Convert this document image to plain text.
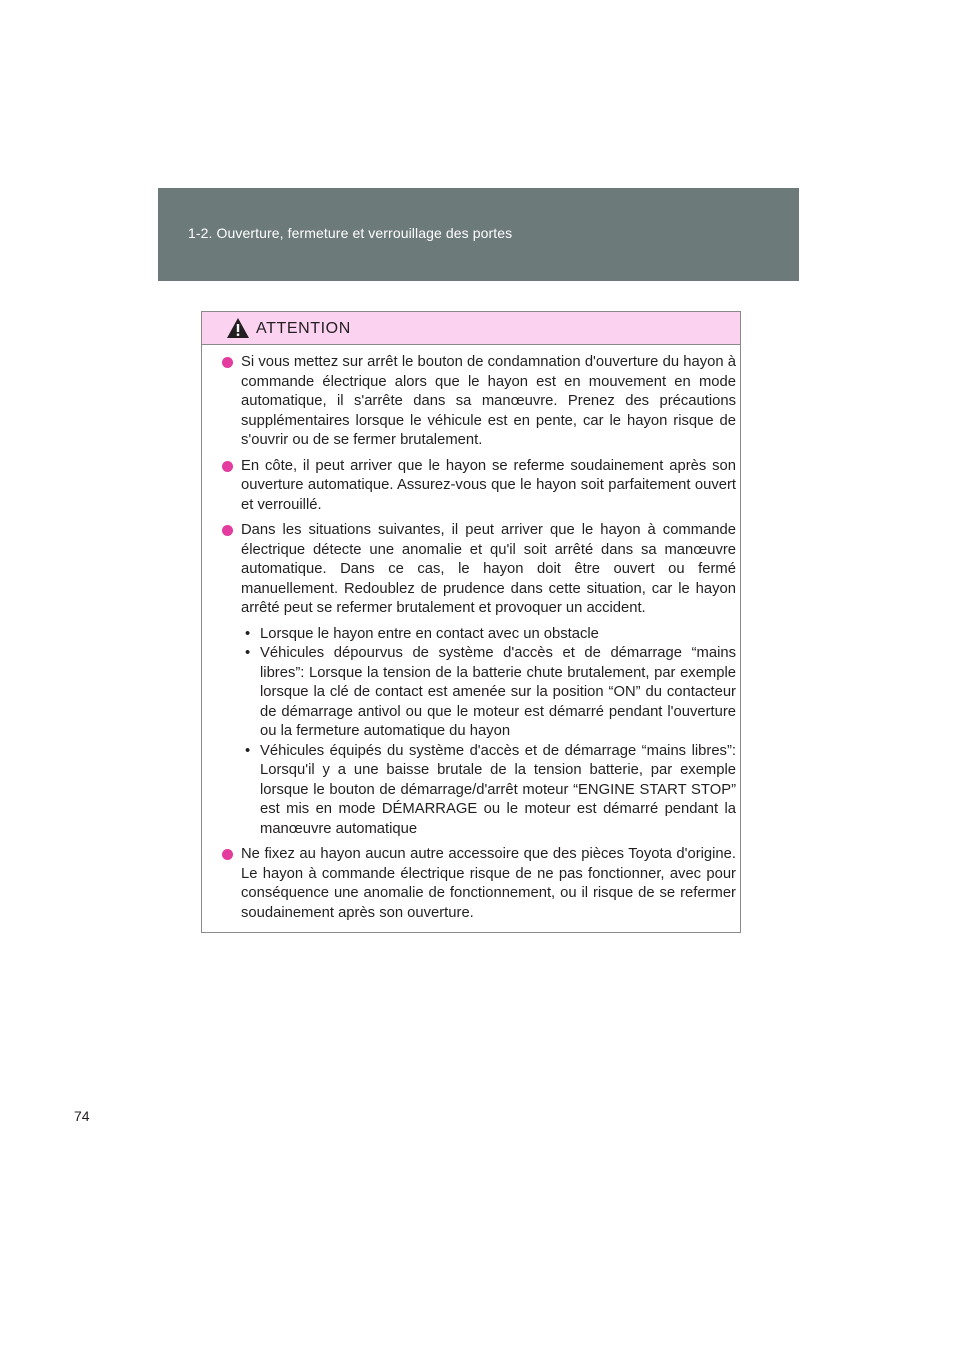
1-2. Ouverture, fermeture et verrouillage des portes
ATTENTION
Si vous mettez sur arrêt le bouton de condamnation d'ouverture du hayon à commande électrique alors que le hayon est en mouvement en mode automatique, il s'arrête dans sa manœuvre. Prenez des précautions supplémentaires lorsque le véhicule est en pente, car le hayon risque de s'ouvrir ou de se fermer brutalement.
En côte, il peut arriver que le hayon se referme soudainement après son ouverture automatique. Assurez-vous que le hayon soit parfaitement ouvert et verrouillé.
Dans les situations suivantes, il peut arriver que le hayon à commande électrique détecte une anomalie et qu'il soit arrêté dans sa manœuvre automatique. Dans ce cas, le hayon doit être ouvert ou fermé manuellement. Redoublez de prudence dans cette situation, car le hayon arrêté peut se refermer brutalement et provoquer un accident.
• Lorsque le hayon entre en contact avec un obstacle
• Véhicules dépourvus de système d'accès et de démarrage “mains libres”: Lorsque la tension de la batterie chute brutalement, par exemple lorsque la clé de contact est amenée sur la position “ON” du contacteur de démarrage antivol ou que le moteur est démarré pendant l'ouverture ou la fermeture automatique du hayon
• Véhicules équipés du système d'accès et de démarrage “mains libres”: Lorsqu'il y a une baisse brutale de la tension batterie, par exemple lorsque le bouton de démarrage/d'arrêt moteur “ENGINE START STOP” est mis en mode DÉMARRAGE ou le moteur est démarré pendant la manœuvre automatique
Ne fixez au hayon aucun autre accessoire que des pièces Toyota d'origine. Le hayon à commande électrique risque de ne pas fonctionner, avec pour conséquence une anomalie de fonctionnement, ou il risque de se refermer soudainement après son ouverture.
74
